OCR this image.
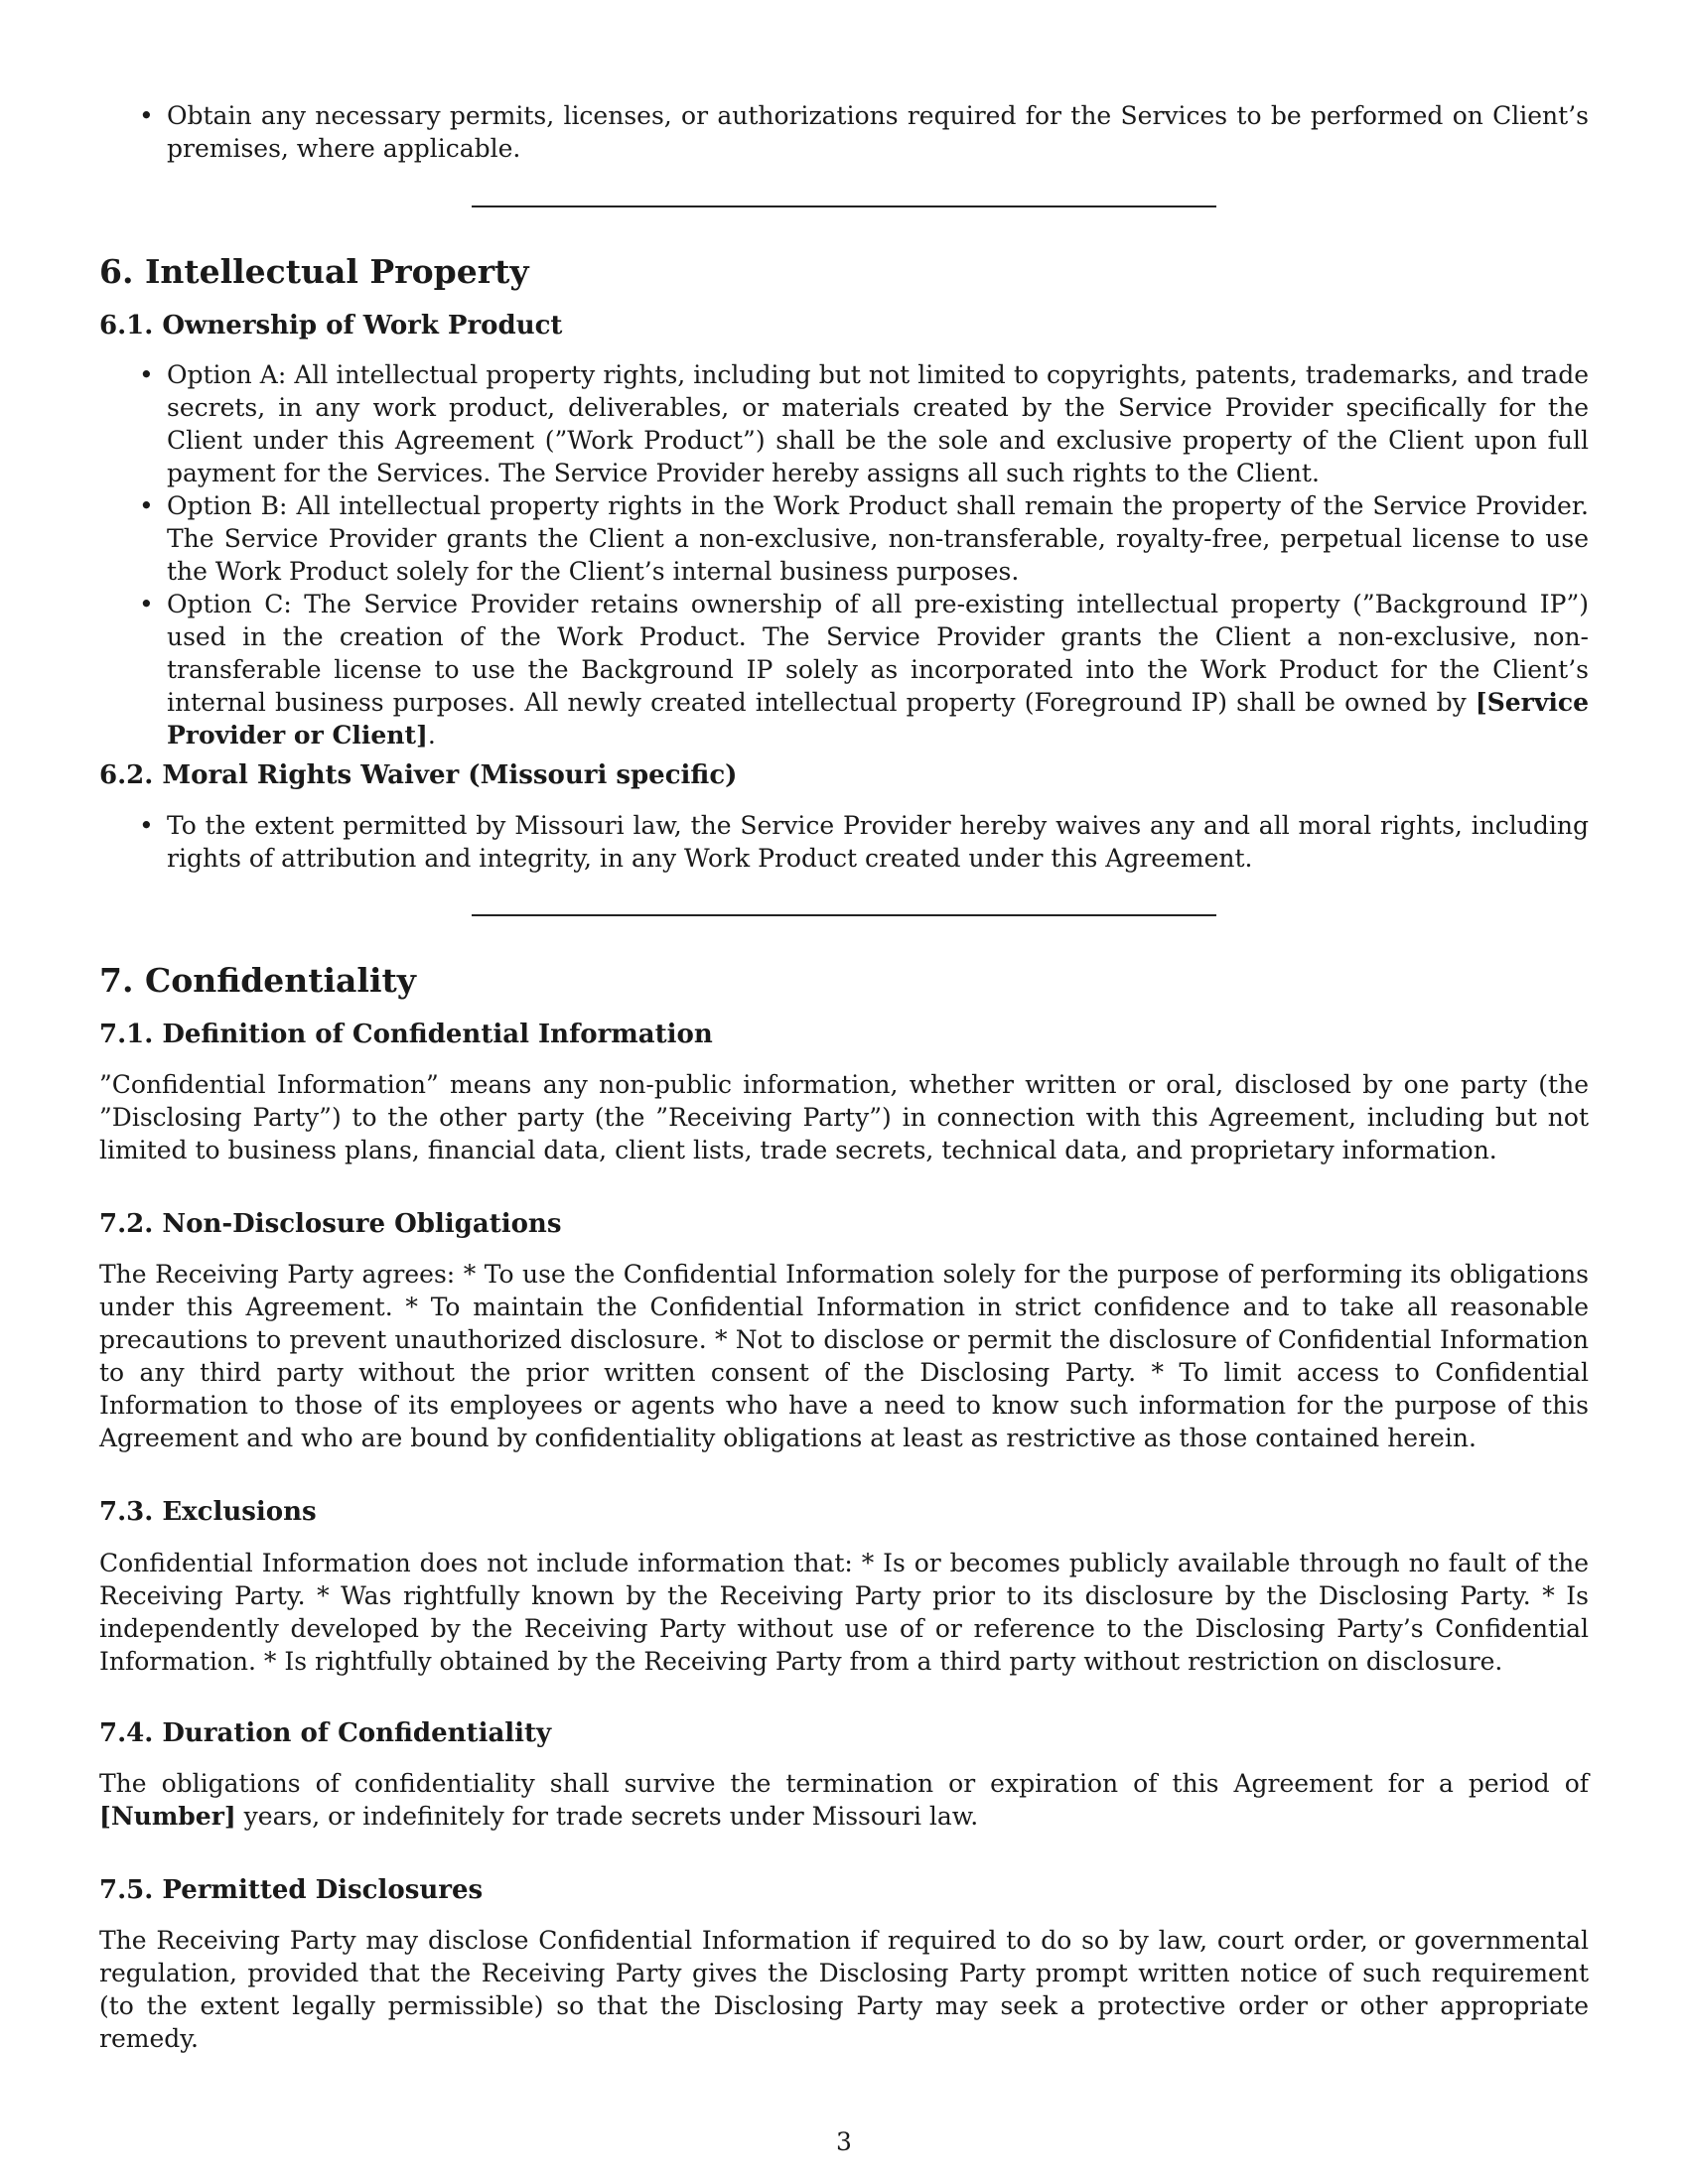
• Obtain any necessary permits, licenses, or authorizations required for the Services to be performed on Client’s premises, where applicable.
6. Intellectual Property
6.1. Ownership of Work Product
• Option A: All intellectual property rights, including but not limited to copyrights, patents, trademarks, and trade secrets, in any work product, deliverables, or materials created by the Service Provider specifically for the Client under this Agreement (”Work Product”) shall be the sole and exclusive property of the Client upon full payment for the Services. The Service Provider hereby assigns all such rights to the Client.
• Option B: All intellectual property rights in the Work Product shall remain the property of the Service Provider. The Service Provider grants the Client a non-exclusive, non-transferable, royalty-free, perpetual license to use the Work Product solely for the Client’s internal business purposes.
• Option C: The Service Provider retains ownership of all pre-existing intellectual property (”Background IP”) used in the creation of the Work Product. The Service Provider grants the Client a non-exclusive, non-transferable license to use the Background IP solely as incorporated into the Work Product for the Client’s internal business purposes. All newly created intellectual property (Foreground IP) shall be owned by [Service Provider or Client].
6.2. Moral Rights Waiver (Missouri specific)
• To the extent permitted by Missouri law, the Service Provider hereby waives any and all moral rights, including rights of attribution and integrity, in any Work Product created under this Agreement.
7. Confidentiality
7.1. Definition of Confidential Information

”Confidential Information” means any non-public information, whether written or oral, disclosed by one party (the ”Disclosing Party”) to the other party (the ”Receiving Party”) in connection with this Agreement, including but not limited to business plans, financial data, client lists, trade secrets, technical data, and proprietary information.

7.2. Non-Disclosure Obligations

The Receiving Party agrees: * To use the Confidential Information solely for the purpose of performing its obligations under this Agreement. * To maintain the Confidential Information in strict confidence and to take all reasonable precautions to prevent unauthorized disclosure. * Not to disclose or permit the disclosure of Confidential Information to any third party without the prior written consent of the Disclosing Party. * To limit access to Confidential Information to those of its employees or agents who have a need to know such information for the purpose of this Agreement and who are bound by confidentiality obligations at least as restrictive as those contained herein.

7.3. Exclusions

Confidential Information does not include information that: * Is or becomes publicly available through no fault of the Receiving Party. * Was rightfully known by the Receiving Party prior to its disclosure by the Disclosing Party. * Is independently developed by the Receiving Party without use of or reference to the Disclosing Party’s Confidential Information. * Is rightfully obtained by the Receiving Party from a third party without restriction on disclosure.

7.4. Duration of Confidentiality

The obligations of confidentiality shall survive the termination or expiration of this Agreement for a period of [Number] years, or indefinitely for trade secrets under Missouri law.

7.5. Permitted Disclosures

The Receiving Party may disclose Confidential Information if required to do so by law, court order, or governmental regulation, provided that the Receiving Party gives the Disclosing Party prompt written notice of such requirement (to the extent legally permissible) so that the Disclosing Party may seek a protective order or other appropriate remedy.

3
